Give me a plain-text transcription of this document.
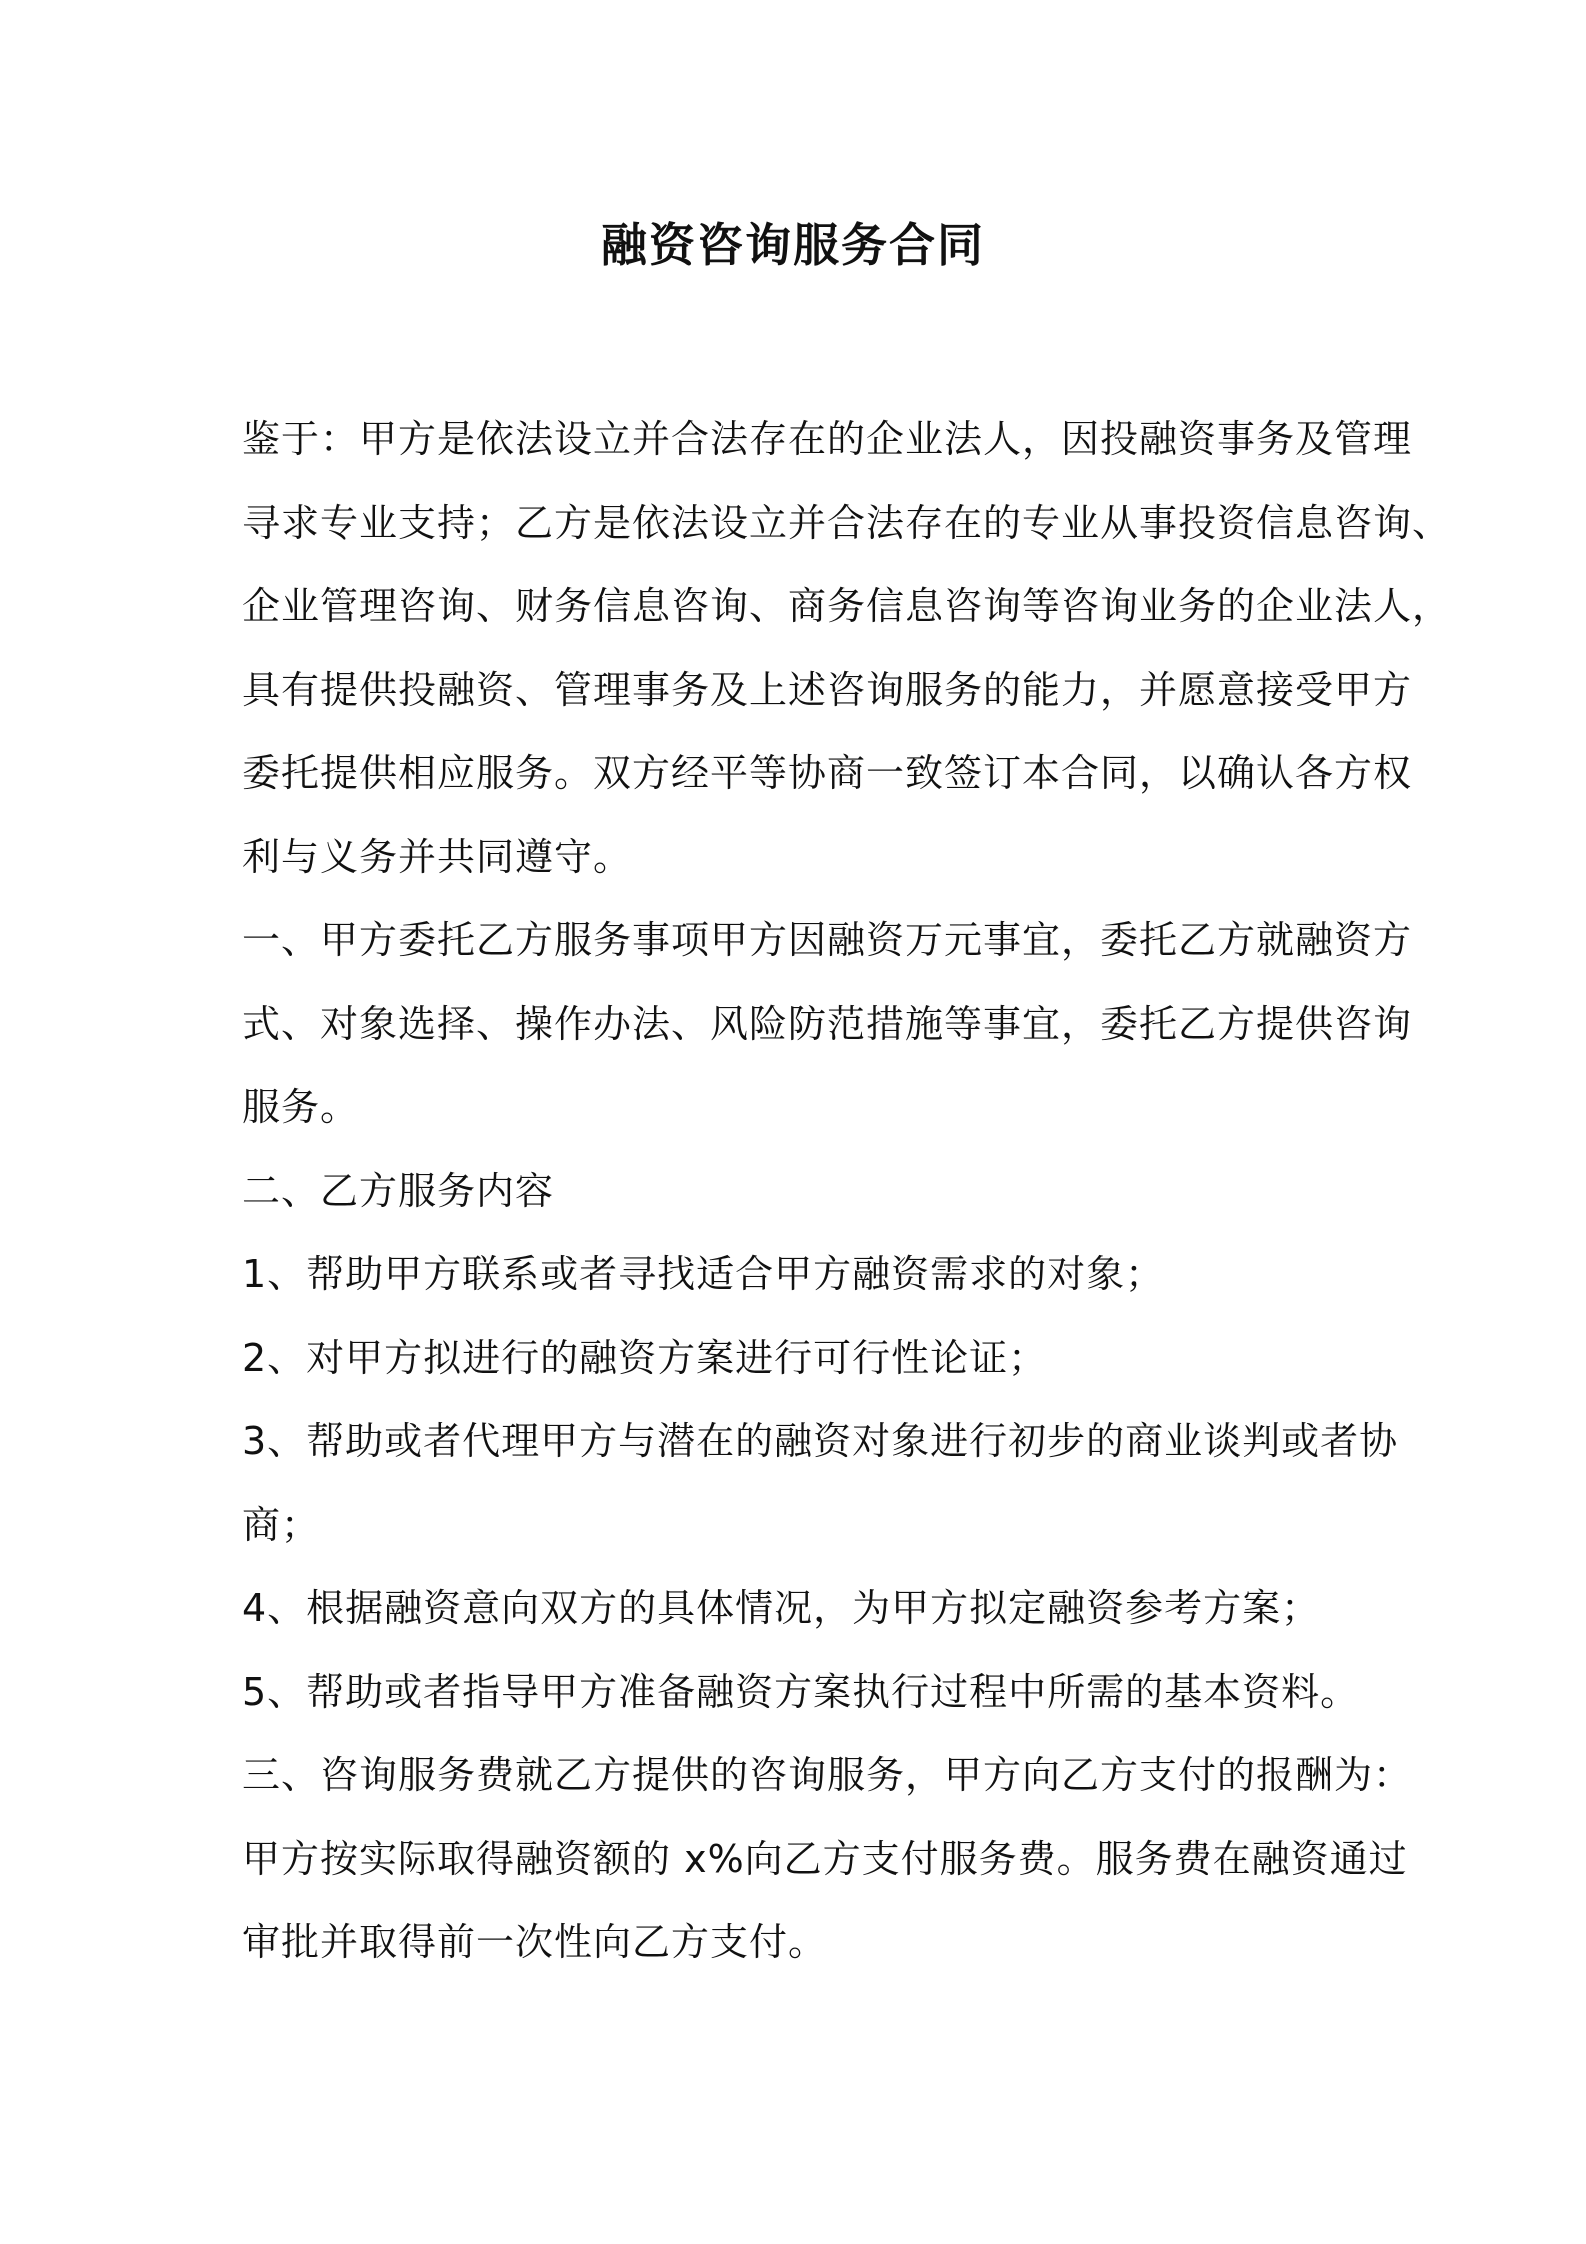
融资咨询服务合同

鉴于：甲方是依法设立并合法存在的企业法人，因投融资事务及管理

寻求专业支持；乙方是依法设立并合法存在的专业从事投资信息咨询、

企业管理咨询、财务信息咨询、商务信息咨询等咨询业务的企业法人，

具有提供投融资、管理事务及上述咨询服务的能力，并愿意接受甲方

委托提供相应服务。双方经平等协商一致签订本合同，以确认各方权

利与义务并共同遵守。

一、甲方委托乙方服务事项甲方因融资万元事宜，委托乙方就融资方

式、对象选择、操作办法、风险防范措施等事宜，委托乙方提供咨询

服务。

二、乙方服务内容

1、帮助甲方联系或者寻找适合甲方融资需求的对象；

2、对甲方拟进行的融资方案进行可行性论证；

3、帮助或者代理甲方与潜在的融资对象进行初步的商业谈判或者协

商；

4、根据融资意向双方的具体情况，为甲方拟定融资参考方案；

5、帮助或者指导甲方准备融资方案执行过程中所需的基本资料。

三、咨询服务费就乙方提供的咨询服务，甲方向乙方支付的报酬为：

甲方按实际取得融资额的 x%向乙方支付服务费。服务费在融资通过

审批并取得前一次性向乙方支付。
